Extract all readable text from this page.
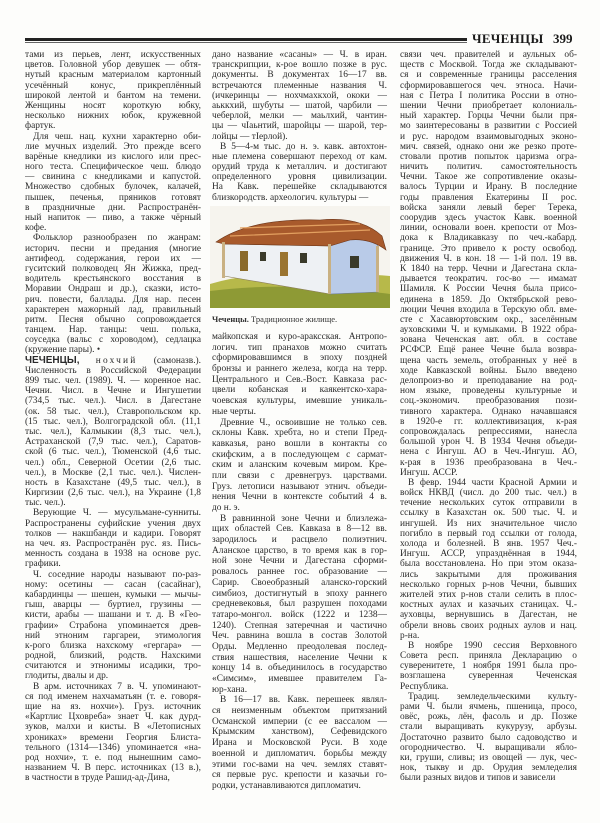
ЧЕЧЕНЦЫ 399
тами из перьев, лент, искусственных
цветов. Головной убор девушек — обтя-
нутый красным материалом картонный
усечённый конус, прикреплённый
широкой лентой и бантом на темени.
Женщины носят короткую юбку,
несколько нижних юбок, кружевной
фартук.
Для чеш. нац. кухни характерно оби-
лие мучных изделий. Это прежде всего
варёные кнедлики из кислого или прес-
ного теста. Специфическое чеш. блюдо
— свинина с кнедликами и капустой.
Множество сдобных булочек, калачей,
пышек, печенья, пряников готовят
в праздничные дни. Распространён-
ный напиток — пиво, а также чёрный
кофе.
Фольклор разнообразен по жанрам:
историч. песни и предания (многие
антифеод. содержания, герои их —
гуситский полководец Ян Жижка, пред-
водитель крестьянского восстания в
Моравии Ондраш и др.), сказки, исто-
рич. повести, баллады. Для нар. песен
характерен мажорный лад, правильный
ритм. Песня обычно сопровождается
танцем. Нар. танцы: чеш. полька,
соуседка (вальс с хороводом), седлацка
(кружение пары). •
ЧЕЧЕНЦЫ, нохчий (самоназв.).
Численность в Российской Федерации
899 тыс. чел. (1989). Ч. — коренное нас.
Чечни. Числ. в Чечне и Ингушетии
(734,5 тыс. чел.). Числ. в Дагестане
(ок. 58 тыс. чел.), Ставропольском кр.
(15 тыс. чел.), Волгоградской обл. (11,1
тыс. чел.), Калмыкии (8,3 тыс. чел.),
Астраханской (7,9 тыс. чел.), Саратов-
ской (6 тыс. чел.), Тюменской (4,6 тыс.
чел.) обл., Северной Осетии (2,6 тыс.
чел.), в Москве (2,1 тыс. чел.). Числен-
ность в Казахстане (49,5 тыс. чел.), в
Киргизии (2,6 тыс. чел.), на Украине (1,8
тыс. чел.).
Верующие Ч. — мусульмане-сунниты.
Распространены суфийские учения двух
толков — накшбанди и кадири. Говорят
на чеч. яз. Распространён рус. яз. Пись-
менность создана в 1938 на основе рус.
графики.
Ч. соседние народы называют по-раз-
ному: осетины — сасан (сасайнаг),
кабардинцы — шешен, кумыки — мычы-
гыш, аварцы — буртиел, грузины —
кисти, арабы — шашани и т. д. В «Гео-
графии» Страбона упоминается древ-
ний этноним гаргареи, этимология
к-рого близка нахскому «гергара» —
родной, близкий, родств. Нахскими
считаются и этнонимы исадики, тро-
глодиты, двалы и др.
В арм. источниках 7 в. Ч. упоминают-
ся под именем нахчаматьян (т. е. говоря-
щие на яз. нохчи»). Груз. источник
«Картлис Цховреба» знает Ч. как дурд-
зуков, малхи и кисты. В «Летописных
хрониках» времени Георгия Блиста-
тельного (1314—1346) упоминается «на-
род нохчи», т. е. под нынешним само-
названием Ч. В перс. источниках (13 в.),
в частности в труде Рашид-ад-Дина,
дано название «сасаны» — Ч. в иран.
транскрипции, к-рое вошло позже в рус.
документы. В документах 16—17 вв.
встречаются племенные названия Ч.
(ичкеринцы — нохчмахкхой, ококи —
аьккхий, шубуты — шатой, чарбили —
чеберлой, мелки — маьлхий, чантин-
цы — чIаьнтий, шаройцы — шарой, тер-
лойцы — тIерлой).
В 5—4-м тыс. до н. э. кавк. автохтон-
ные племена совершают переход от кам.
орудий труда к металлич. и достигают
определенного уровня цивилизации.
На Кавк. перешейке складываются
близкородств. археологич. культуры —
майкопская и куро-араксская. Антропо-
логич. тип пранахов можно считать
сформировавшимся в эпоху поздней
бронзы и раннего железа, когда на терр.
Центрального и Сев.-Вост. Кавказа рас-
цвели кобанская и каякентско-хара-
чоевская культуры, имевшие уникаль-
ные черты.
Древние Ч., освоившие не только сев.
склоны Кавк. хребта, но и степи Пред-
кавказья, рано вошли в контакты со
скифским, а в последующем с сармат-
ским и аланским кочевым миром. Кре-
пли связи с древнегруз. царствами.
Груз. летописи называют этнич. объеди-
нения Чечни в контексте событий 4 в.
до н. э.
В равнинной зоне Чечни и близлежа-
щих областей Сев. Кавказа в 8—12 вв.
зародилось и расцвело полиэтнич.
Аланское царство, в то время как в гор-
ной зоне Чечни и Дагестана сформи-
ровалось раннее гос. образование —
Сарир. Своеобразный аланско-горский
симбиоз, достигнутый в эпоху раннего
средневековья, был разрушен походами
татаро-монгол. войск (1222 и 1238—
1240). Степная затеречная и частично
Чеч. равнина вошла в состав Золотой
Орды. Медленно преодолевая послед-
ствия нашествия, население Чечни к
концу 14 в. объединилось в государство
«Симсим», имевшее правителем Га-
юр-хана.
В 16—17 вв. Кавк. перешеек являл-
ся неизменным объектом притязаний
Османской империи (с ее вассалом —
Крымским ханством), Сефевидского
Ирана и Московской Руси. В ходе
военной и дипломатич. борьбы между
этими гос-вами на чеч. землях ставят-
ся первые рус. крепости и казачьи го-
родки, устанавливаются дипломатич.
связи чеч. правителей и аульных об-
ществ с Москвой. Тогда же складывают-
ся и современные границы расселения
сформировавшегося чеч. этноса. Начи-
ная с Петра I политика России в отно-
шении Чечни приобретает колониаль-
ный характер. Горцы Чечни были пря-
мо заинтересованы в развитии с Россией
и рус. народом взаимовыгодных эконо-
мич. связей, однако они же резко проте-
стовали против попыток царизма огра-
ничить политич. самостоятельность
Чечни. Такое же сопротивление оказы-
валось Турции и Ирану. В последние
годы правления Екатерины II рос.
войска заняли левый берег Терека,
соорудив здесь участок Кавк. военной
линии, основали воен. крепости от Моз-
дока к Владикавказу по чеч.-кабард.
границе. Это привело к росту освобод.
движения Ч. в кон. 18 — 1-й пол. 19 вв.
К 1840 на терр. Чечни и Дагестана скла-
дывается теократич. гос-во — имамат
Шамиля. К России Чечня была присо-
единена в 1859. До Октябрьской рево-
люции Чечня входила в Терскую обл. вме-
сте с Хасавюртовским окр., заселённым
ауховскими Ч. и кумыками. В 1922 обра-
зована Чеченская авт. обл. в составе
РСФСР. Ещё ранее Чечне была возвра-
щена часть земель, отобранных у неё в
ходе Кавказской войны. Было введено
делопроиз-во и преподавание на род-
ном языке, проведены культурные и
соц.-экономич. преобразования пози-
тивного характера. Однако начавшаяся
в 1920-е гг. коллективизация, к-рая
сопровождалась репрессиями, нанесла
большой урон Ч. В 1934 Чечня объеди-
нена с Ингуш. АО в Чеч.-Ингуш. АО,
к-рая в 1936 преобразована в Чеч.-
Ингуш. АССР.
В февр. 1944 части Красной Армии и
войск НКВД (числ. до 200 тыс. чел.) в
течение нескольких суток отправили в
ссылку в Казахстан ок. 500 тыс. Ч. и
ингушей. Из них значительное число
погибло в первый год ссылки от голода,
холода и болезней. В янв. 1957 Чеч.-
Ингуш. АССР, упразднённая в 1944,
была восстановлена. Но при этом оказа-
лись закрытыми для проживания
несколько горных р-нов Чечни, бывших
жителей этих р-нов стали селить в плос-
костных аулах и казачьих станицах. Ч.-
ауховцы, вернувшись в Дагестан, не
обрели вновь своих родных аулов и нац.
р-на.
В ноябре 1990 сессия Верховного
Совета респ. приняла Декларацию о
суверенитете, 1 ноября 1991 была про-
возглашена суверенная Чеченская
Республика.
Традиц. земледельческими культу-
рами Ч. были ячмень, пшеница, просо,
овёс, рожь, лён, фасоль и др. Позже
стали выращивать кукурузу, арбузы.
Достаточно развито было садоводство и
огородничество. Ч. выращивали ябло-
ки, груши, сливы; из овощей — лук, чес-
нок, тыкву и др. Орудия земледелия
были разных видов и типов и зависели
Чеченцы. Традиционное жилище.
